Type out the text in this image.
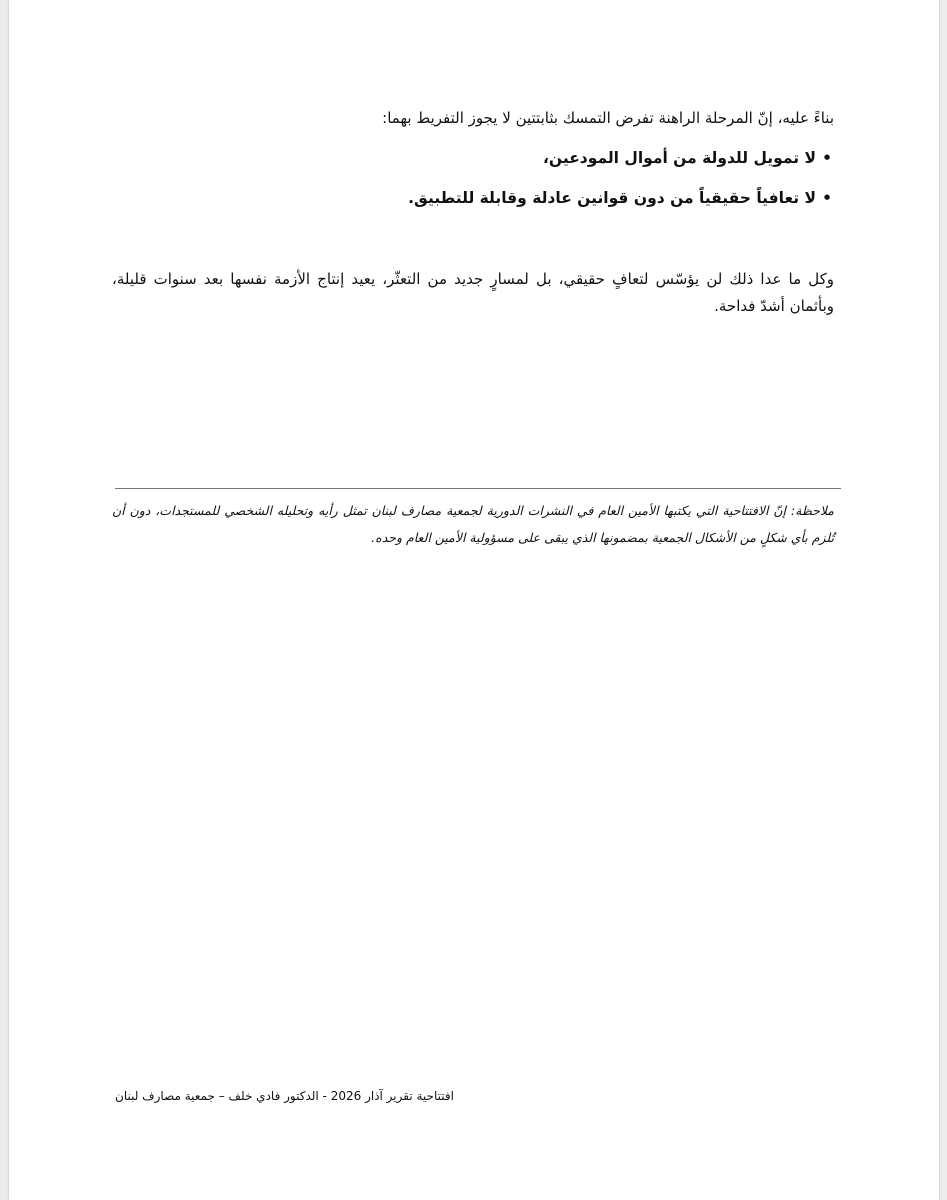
بناءً عليه، إنّ المرحلة الراهنة تفرض التمسك بثابتتين لا يجوز التفريط بهما:

•
لا تمويل للدولة من أموال المودعين،
•
لا تعافياً حقيقياً من دون قوانين عادلة وقابلة للتطبيق.

وكل ما عدا ذلك لن يؤسّس لتعافٍ حقيقي، بل لمسارٍ جديد من التعثّر، يعيد إنتاج الأزمة نفسها بعد سنوات قليلة، وبأثمان أشدّ فداحة.

ملاحظة: إنّ الافتتاحية التي يكتبها الأمين العام في النشرات الدورية لجمعية مصارف لبنان تمثل رأيه وتحليله الشخصي للمستجدات، دون أن تُلزم بأي شكلٍ من الأشكال الجمعية بمضمونها الذي يبقى على مسؤولية الأمين العام وحده.

افتتاحية تقرير آذار 2026 - الدكتور فادي خلف – جمعية مصارف لبنان
